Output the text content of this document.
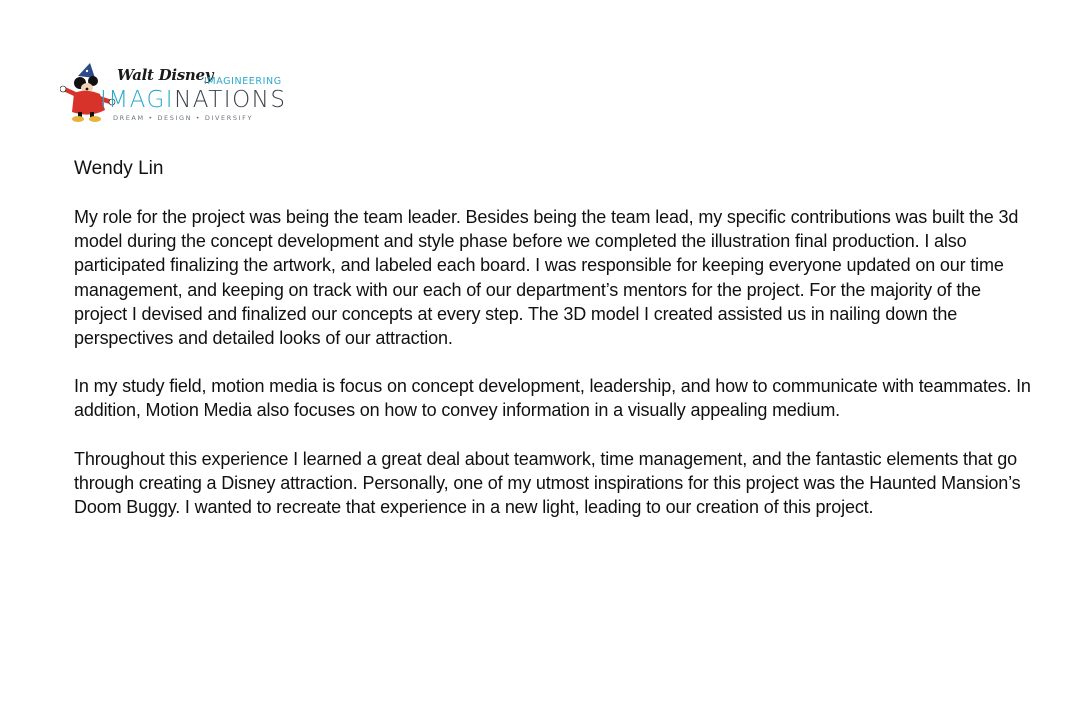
Walt Disney
IMAGINEERING
IMAGINATIONS
DREAM • DESIGN • DIVERSIFY
Wendy Lin

My role for the project was being the team leader. Besides being the team lead, my specific contributions was built the 3d model during the concept development and style phase before we completed the illustration final production. I also participated finalizing the artwork, and labeled each board. I was responsible for keeping everyone updated on our time management, and keeping on track with our each of our department’s mentors for the project. For the majority of the project I devised and finalized our concepts at every step. The 3D model I created assisted us in nailing down the perspectives and detailed looks of our attraction.

In my study field, motion media is focus on concept development, leadership, and how to communicate with teammates. In addition, Motion Media also focuses on how to convey information in a visually appealing medium.

Throughout this experience I learned a great deal about teamwork, time management, and the fantastic elements that go through creating a Disney attraction. Personally, one of my utmost inspirations for this project was the Haunted Mansion’s Doom Buggy. I wanted to recreate that experience in a new light, leading to our creation of this project.
